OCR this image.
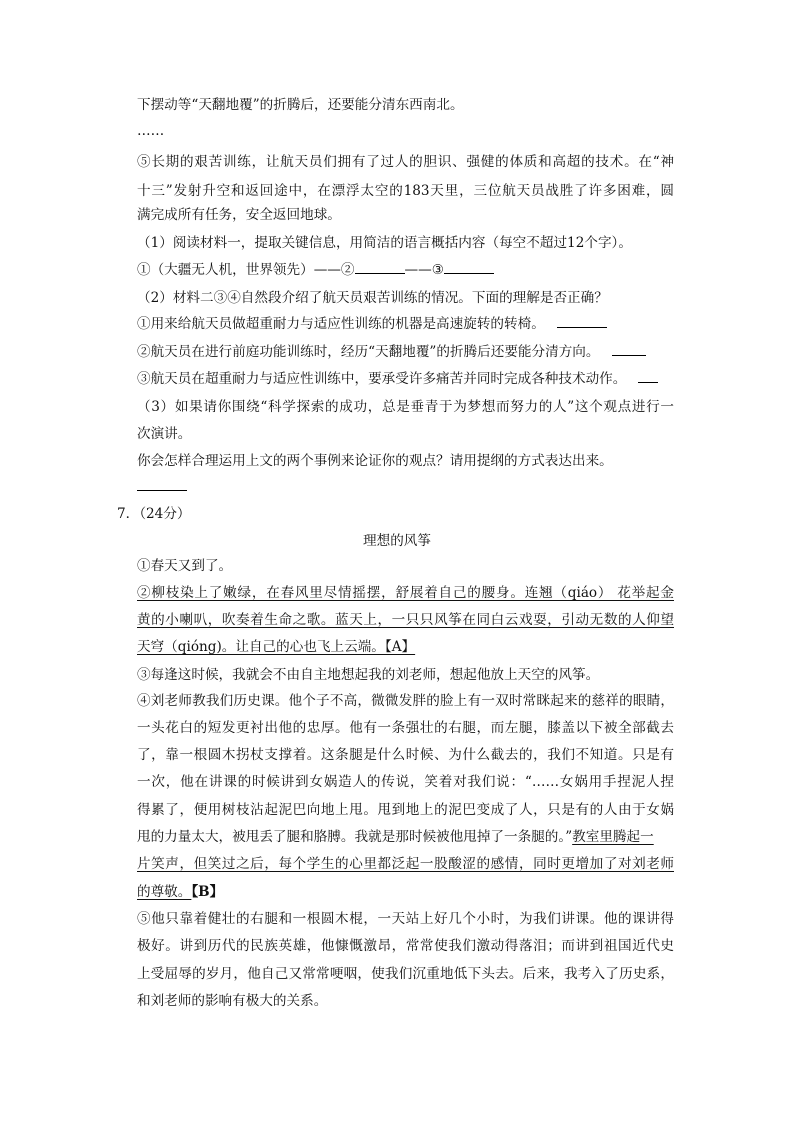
下摆动等“天翻地覆”的折腾后，还要能分清东西南北。
……
⑤长期的艰苦训练，让航天员们拥有了过人的胆识、强健的体质和高超的技术。在“神
十三”发射升空和返回途中，在漂浮太空的183天里，三位航天员战胜了许多困难，圆
满完成所有任务，安全返回地球。
（1）阅读材料一，提取关键信息，用简洁的语言概括内容（每空不超过12个字）。
①（大疆无人机，世界领先）——②	——③
（2）材料二③④自然段介绍了航天员艰苦训练的情况。下面的理解是否正确？
①用来给航天员做超重耐力与适应性训练的机器是高速旋转的转椅。
②航天员在进行前庭功能训练时，经历“天翻地覆”的折腾后还要能分清方向。
③航天员在超重耐力与适应性训练中，要承受许多痛苦并同时完成各种技术动作。
（3）如果请你围绕“科学探索的成功，总是垂青于为梦想而努力的人”这个观点进行一
次演讲。
你会怎样合理运用上文的两个事例来论证你的观点？请用提纲的方式表达出来。
7．（24分）
理想的风筝
①春天又到了。
②柳枝染上了嫩绿，在春风里尽情摇摆，舒展着自己的腰身。连翘（qiáo） 花举起金
黄的小喇叭，吹奏着生命之歌。蓝天上，一只只风筝在同白云戏耍，引动无数的人仰望
天穹（qióng)。让自己的心也飞上云端。【A】
③每逢这时候，我就会不由自主地想起我的刘老师，想起他放上天空的风筝。
④刘老师教我们历史课。他个子不高，微微发胖的脸上有一双时常眯起来的慈祥的眼睛，
一头花白的短发更衬出他的忠厚。他有一条强壮的右腿，而左腿，膝盖以下被全部截去
了，靠一根圆木拐杖支撑着。这条腿是什么时候、为什么截去的，我们不知道。只是有
一次，他在讲课的时候讲到女娲造人的传说，笑着对我们说：“……女娲用手捏泥人捏
得累了，便用树枝沾起泥巴向地上甩。甩到地上的泥巴变成了人，只是有的人由于女娲
甩的力量太大，被甩丢了腿和胳膊。我就是那时候被他甩掉了一条腿的。”教室里腾起一
片笑声，但笑过之后，每个学生的心里都泛起一股酸涩的感情，同时更增加了对刘老师
的尊敬。【B】
⑤他只靠着健壮的右腿和一根圆木棍，一天站上好几个小时，为我们讲课。他的课讲得
极好。讲到历代的民族英雄，他慷慨激昂，常常使我们激动得落泪；而讲到祖国近代史
上受屈辱的岁月，他自己又常常哽咽，使我们沉重地低下头去。后来，我考入了历史系，
和刘老师的影响有极大的关系。
